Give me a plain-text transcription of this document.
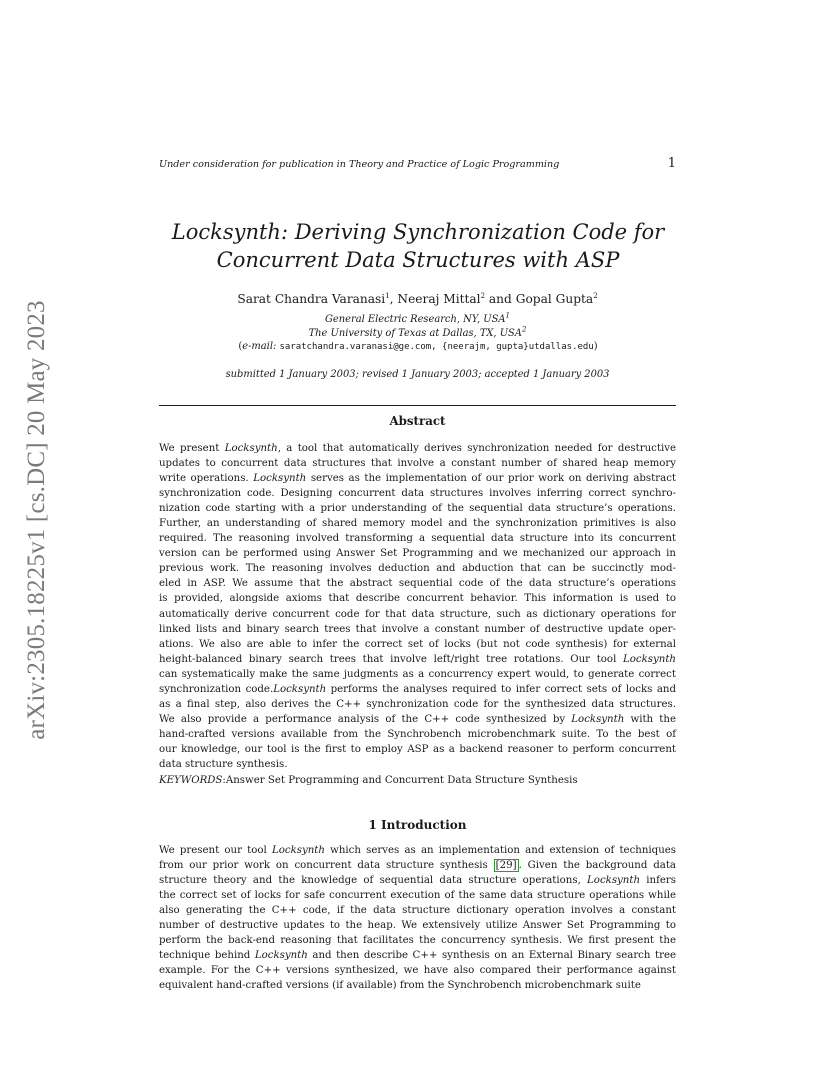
arXiv:2305.18225v1 [cs.DC] 20 May 2023
Under consideration for publication in Theory and Practice of Logic Programming	1
Locksynth: Deriving Synchronization Code for
Concurrent Data Structures with ASP
Sarat Chandra Varanasi$^1$, Neeraj Mittal$^2$ and Gopal Gupta$^2$
General Electric Research, NY, USA$^1$
The University of Texas at Dallas, TX, USA$^2$
(e-mail: saratchandra.varanasi@ge.com, {neerajm, gupta}utdallas.edu)
submitted 1 January 2003; revised 1 January 2003; accepted 1 January 2003
Abstract
We present Locksynth, a tool that automatically derives synchronization needed for destructive
updates to concurrent data structures that involve a constant number of shared heap memory
write operations. Locksynth serves as the implementation of our prior work on deriving abstract
synchronization code. Designing concurrent data structures involves inferring correct synchro-
nization code starting with a prior understanding of the sequential data structure’s operations.
Further, an understanding of shared memory model and the synchronization primitives is also
required. The reasoning involved transforming a sequential data structure into its concurrent
version can be performed using Answer Set Programming and we mechanized our approach in
previous work. The reasoning involves deduction and abduction that can be succinctly mod-
eled in ASP. We assume that the abstract sequential code of the data structure’s operations
is provided, alongside axioms that describe concurrent behavior. This information is used to
automatically derive concurrent code for that data structure, such as dictionary operations for
linked lists and binary search trees that involve a constant number of destructive update oper-
ations. We also are able to infer the correct set of locks (but not code synthesis) for external
height-balanced binary search trees that involve left/right tree rotations. Our tool Locksynth
can systematically make the same judgments as a concurrency expert would, to generate correct
synchronization code.Locksynth performs the analyses required to infer correct sets of locks and
as a final step, also derives the C++ synchronization code for the synthesized data structures.
We also provide a performance analysis of the C++ code synthesized by Locksynth with the
hand-crafted versions available from the Synchrobench microbenchmark suite. To the best of
our knowledge, our tool is the first to employ ASP as a backend reasoner to perform concurrent
data structure synthesis.
KEYWORDS:Answer Set Programming and Concurrent Data Structure Synthesis
1 Introduction
We present our tool Locksynth which serves as an implementation and extension of techniques
from our prior work on concurrent data structure synthesis [29] . Given the background data
structure theory and the knowledge of sequential data structure operations, Locksynth infers
the correct set of locks for safe concurrent execution of the same data structure operations while
also generating the C++ code, if the data structure dictionary operation involves a constant
number of destructive updates to the heap. We extensively utilize Answer Set Programming to
perform the back-end reasoning that facilitates the concurrency synthesis. We first present the
technique behind Locksynth and then describe C++ synthesis on an External Binary search tree
example. For the C++ versions synthesized, we have also compared their performance against
equivalent hand-crafted versions (if available) from the Synchrobench microbenchmark suite
